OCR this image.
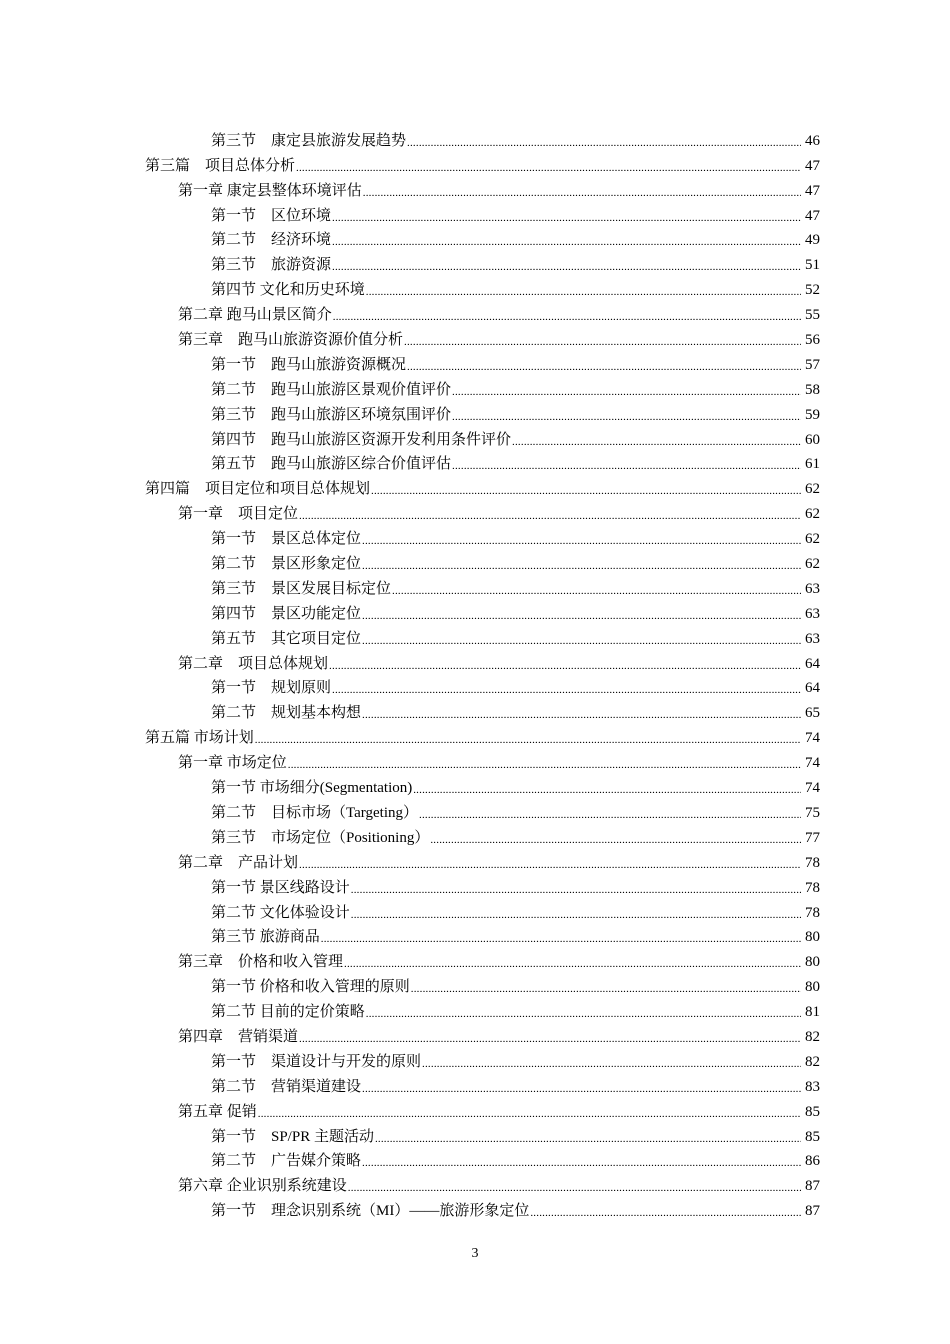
第三节　康定县旅游发展趋势 .....	46
第三篇　项目总体分析 .....	47
第一章 康定县整体环境评估 .....	47
第一节　区位环境 .....	47
第二节　经济环境 .....	49
第三节　旅游资源 .....	51
第四节 文化和历史环境 .....	52
第二章 跑马山景区简介 .....	55
第三章　跑马山旅游资源价值分析 .....	56
第一节　跑马山旅游资源概况 .....	57
第二节　跑马山旅游区景观价值评价 .....	58
第三节　跑马山旅游区环境氛围评价 .....	59
第四节　跑马山旅游区资源开发利用条件评价 .....	60
第五节　跑马山旅游区综合价值评估 .....	61
第四篇　项目定位和项目总体规划 .....	62
第一章　项目定位 .....	62
第一节　景区总体定位 .....	62
第二节　景区形象定位 .....	62
第三节　景区发展目标定位 .....	63
第四节　景区功能定位 .....	63
第五节　其它项目定位 .....	63
第二章　项目总体规划 .....	64
第一节　规划原则 .....	64
第二节　规划基本构想 .....	65
第五篇 市场计划 .....	74
第一章 市场定位 .....	74
第一节 市场细分(Segmentation) .....	74
第二节　目标市场（Targeting） .....	75
第三节　市场定位（Positioning） .....	77
第二章　产品计划 .....	78
第一节 景区线路设计 .....	78
第二节 文化体验设计 .....	78
第三节 旅游商品 .....	80
第三章　价格和收入管理 .....	80
第一节 价格和收入管理的原则 .....	80
第二节 目前的定价策略 .....	81
第四章　营销渠道 .....	82
第一节　渠道设计与开发的原则 .....	82
第二节　营销渠道建设 .....	83
第五章 促销 .....	85
第一节　SP/PR 主题活动 .....	85
第二节　广告媒介策略 .....	86
第六章 企业识别系统建设 .....	87
第一节　理念识别系统（MI）——旅游形象定位 .....	87
3
